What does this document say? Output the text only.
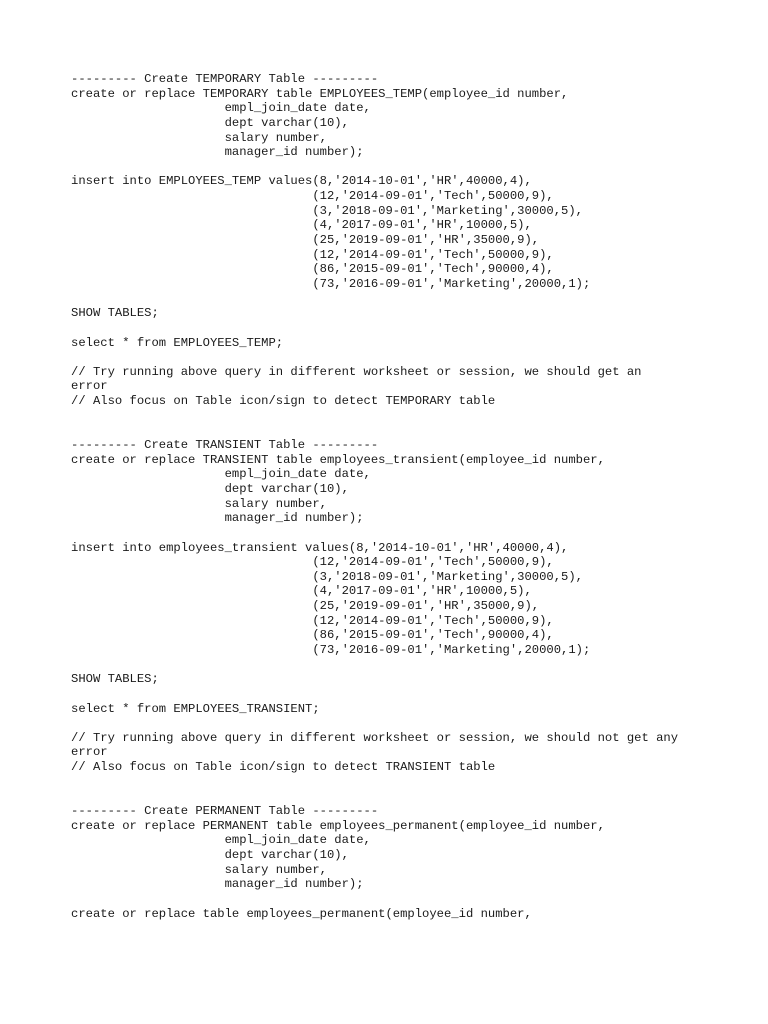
--------- Create TEMPORARY Table ---------
create or replace TEMPORARY table EMPLOYEES_TEMP(employee_id number,
empl_join_date date,
dept varchar(10),
salary number,
manager_id number);
insert into EMPLOYEES_TEMP values(8,'2014-10-01','HR',40000,4),
(12,'2014-09-01','Tech',50000,9),
(3,'2018-09-01','Marketing',30000,5),
(4,'2017-09-01','HR',10000,5),
(25,'2019-09-01','HR',35000,9),
(12,'2014-09-01','Tech',50000,9),
(86,'2015-09-01','Tech',90000,4),
(73,'2016-09-01','Marketing',20000,1);
SHOW TABLES;
select * from EMPLOYEES_TEMP;
// Try running above query in different worksheet or session, we should get an
error
// Also focus on Table icon/sign to detect TEMPORARY table
--------- Create TRANSIENT Table ---------
create or replace TRANSIENT table employees_transient(employee_id number,
empl_join_date date,
dept varchar(10),
salary number,
manager_id number);
insert into employees_transient values(8,'2014-10-01','HR',40000,4),
(12,'2014-09-01','Tech',50000,9),
(3,'2018-09-01','Marketing',30000,5),
(4,'2017-09-01','HR',10000,5),
(25,'2019-09-01','HR',35000,9),
(12,'2014-09-01','Tech',50000,9),
(86,'2015-09-01','Tech',90000,4),
(73,'2016-09-01','Marketing',20000,1);
SHOW TABLES;
select * from EMPLOYEES_TRANSIENT;
// Try running above query in different worksheet or session, we should not get any
error
// Also focus on Table icon/sign to detect TRANSIENT table
--------- Create PERMANENT Table ---------
create or replace PERMANENT table employees_permanent(employee_id number,
empl_join_date date,
dept varchar(10),
salary number,
manager_id number);
create or replace table employees_permanent(employee_id number,
